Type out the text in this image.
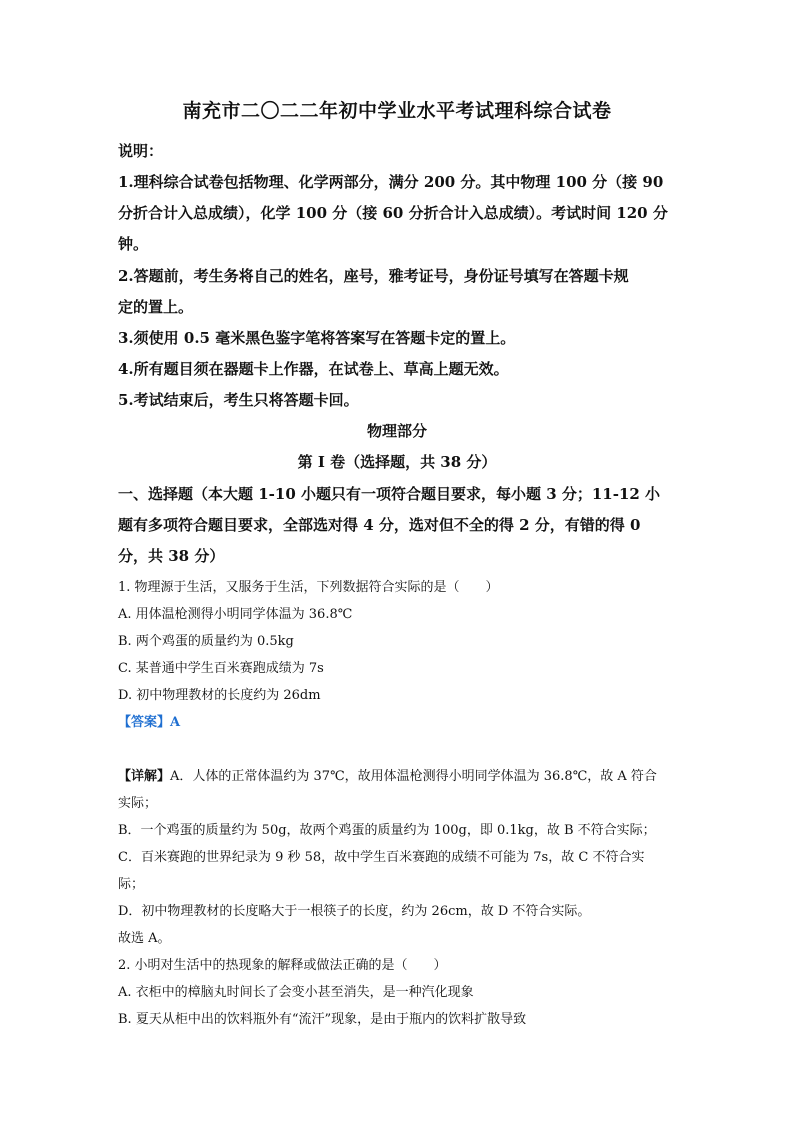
南充市二〇二二年初中学业水平考试理科综合试卷
说明：
1.理科综合试卷包括物理、化学两部分，满分 200 分。其中物理 100 分（接 90
分折合计入总成绩），化学 100 分（接 60 分折合计入总成绩）。考试时间 120 分
钟。
2.答题前，考生务将自己的姓名，座号，雅考证号，身份证号填写在答题卡规
定的置上。
3.须使用 0.5 毫米黑色鉴字笔将答案写在答题卡定的置上。
4.所有题目须在器题卡上作器，在试卷上、草高上题无效。
5.考试结束后，考生只将答题卡回。
物理部分
第 I 卷（选择题，共 38 分）
一、选择题（本大题 1-10 小题只有一项符合题目要求，每小题 3 分；11-12 小
题有多项符合题目要求，全部选对得 4 分，选对但不全的得 2 分，有错的得 0
分，共 38 分）
1. 物理源于生活，又服务于生活，下列数据符合实际的是（　　）
A. 用体温枪测得小明同学体温为 36.8℃
B. 两个鸡蛋的质量约为 0.5kg
C. 某普通中学生百米赛跑成绩为 7s
D. 初中物理教材的长度约为 26dm
【答案】A
【详解】A．人体的正常体温约为 37℃，故用体温枪测得小明同学体温为 36.8℃，故 A 符合
实际；
B．一个鸡蛋的质量约为 50g，故两个鸡蛋的质量约为 100g，即 0.1kg，故 B 不符合实际；
C．百米赛跑的世界纪录为 9 秒 58，故中学生百米赛跑的成绩不可能为 7s，故 C 不符合实
际；
D．初中物理教材的长度略大于一根筷子的长度，约为 26cm，故 D 不符合实际。
故选 A。
2. 小明对生活中的热现象的解释或做法正确的是（　　）
A. 衣柜中的樟脑丸时间长了会变小甚至消失，是一种汽化现象
B. 夏天从柜中出的饮料瓶外有“流汗”现象，是由于瓶内的饮料扩散导致
